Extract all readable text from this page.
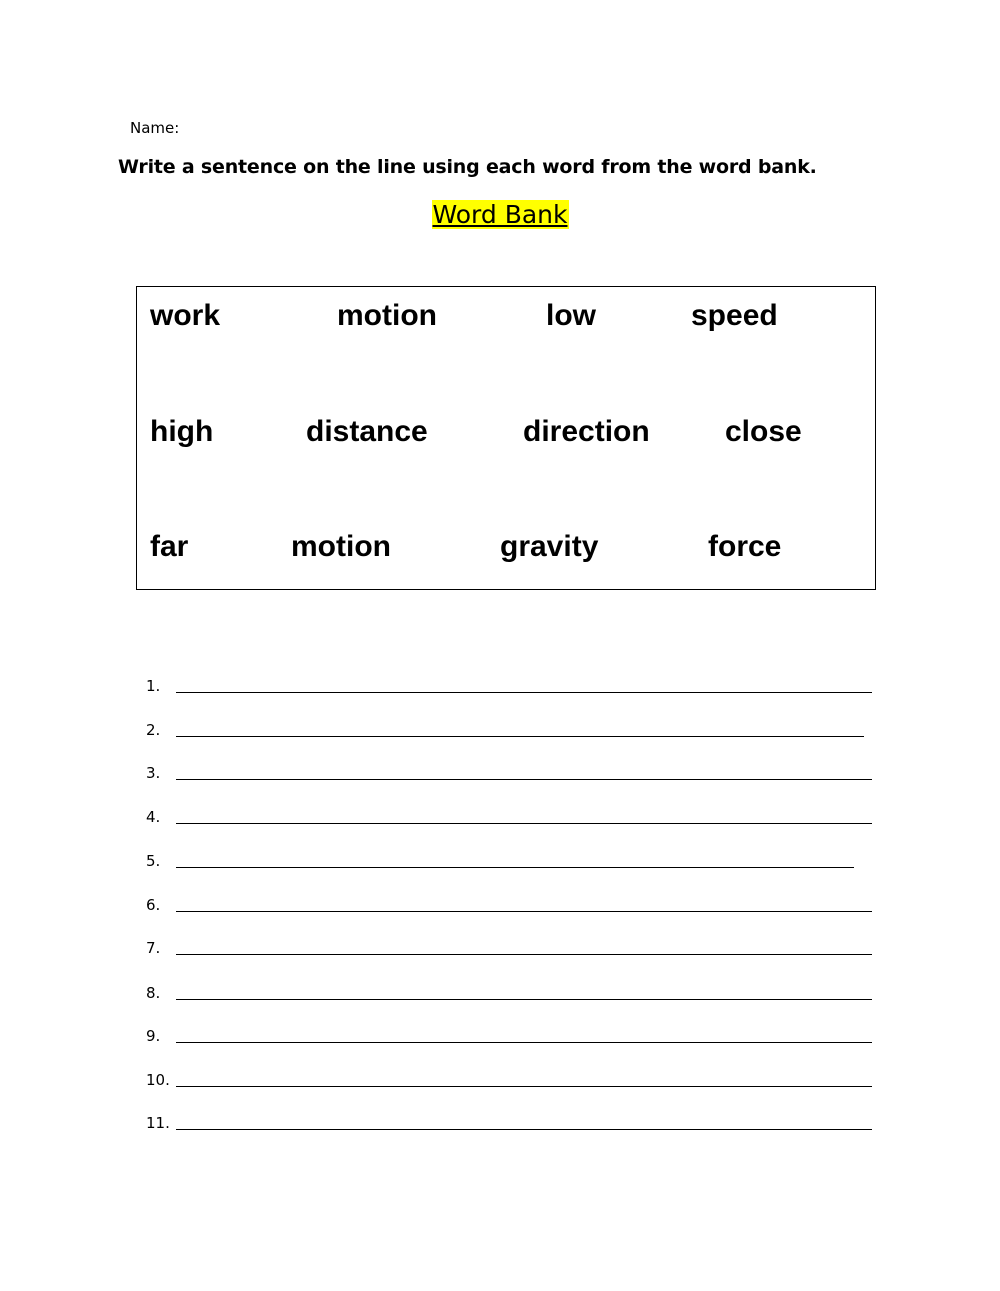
Name:
Write a sentence on the line using each word from the word bank.
Word Bank
work	motion	low	speed
high	distance	direction	close
far	motion	gravity	force
1.
2.
3.
4.
5.
6.
7.
8.
9.
10.
11.
